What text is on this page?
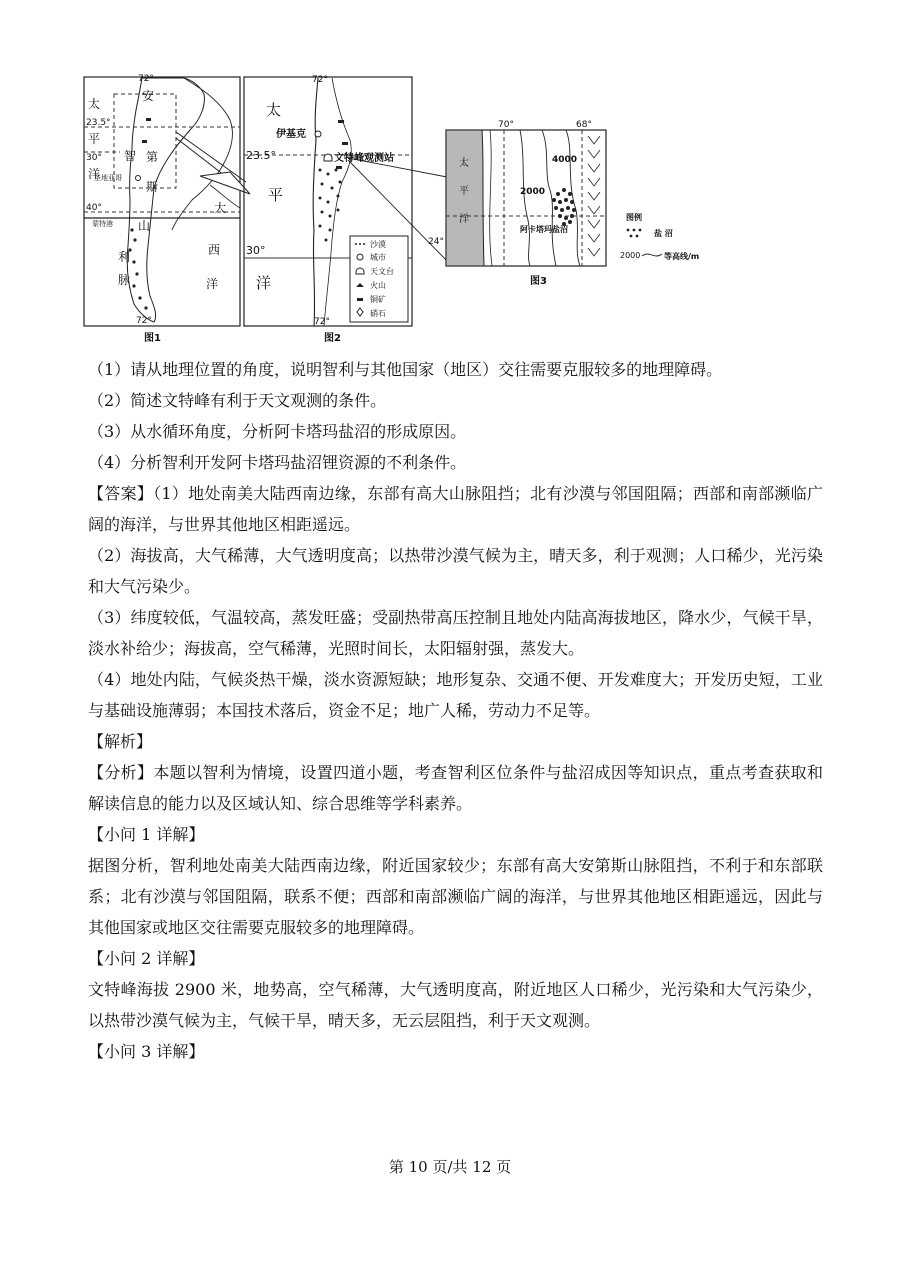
72°
72°
23.5°
30°
40°
太
平
洋
大
西
洋
智
利
安
第
斯
山
脉
圣地亚哥
蒙特港
图1
沙漠
城市
天文台
火山
铜矿
硝石
72°
72°
23.5°
30°
太
平
洋
伊基克
文特峰观测站
图2
70°	68°
24°
太
平
洋
4000
2000
阿卡塔玛盐沼
图例
盐 沼
2000	等高线/m
图3

（1）请从地理位置的角度，说明智利与其他国家（地区）交往需要克服较多的地理障碍。

（2）简述文特峰有利于天文观测的条件。

（3）从水循环角度，分析阿卡塔玛盐沼的形成原因。

（4）分析智利开发阿卡塔玛盐沼锂资源的不利条件。

【答案】（1）地处南美大陆西南边缘，东部有高大山脉阻挡；北有沙漠与邻国阻隔；西部和南部濒临广阔的海洋，与世界其他地区相距遥远。

（2）海拔高，大气稀薄，大气透明度高；以热带沙漠气候为主，晴天多，利于观测；人口稀少，光污染和大气污染少。

（3）纬度较低，气温较高，蒸发旺盛；受副热带高压控制且地处内陆高海拔地区，降水少，气候干旱，淡水补给少；海拔高，空气稀薄，光照时间长，太阳辐射强，蒸发大。

（4）地处内陆，气候炎热干燥，淡水资源短缺；地形复杂、交通不便、开发难度大；开发历史短，工业与基础设施薄弱；本国技术落后，资金不足；地广人稀，劳动力不足等。

【解析】

【分析】本题以智利为情境，设置四道小题，考查智利区位条件与盐沼成因等知识点，重点考查获取和解读信息的能力以及区域认知、综合思维等学科素养。

【小问 1 详解】

据图分析，智利地处南美大陆西南边缘，附近国家较少；东部有高大安第斯山脉阻挡，不利于和东部联系；北有沙漠与邻国阻隔，联系不便；西部和南部濒临广阔的海洋，与世界其他地区相距遥远，因此与其他国家或地区交往需要克服较多的地理障碍。

【小问 2 详解】

文特峰海拔 2900 米，地势高，空气稀薄，大气透明度高，附近地区人口稀少，光污染和大气污染少，以热带沙漠气候为主，气候干旱，晴天多，无云层阻挡，利于天文观测。

【小问 3 详解】

第 10 页/共 12 页
